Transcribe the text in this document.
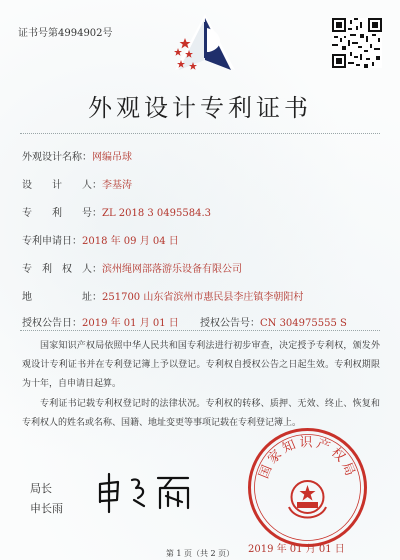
证书号第4994902号
外观设计专利证书
外观设计名称：网编吊球
设　　计　　人：李基涛
专　　利　　号：ZL 2018 3 0495584.3
专利申请日：2018 年 09 月 04 日
专　利　权　人：滨州绳网部落游乐设备有限公司
地　　　　　址：251700 山东省滨州市惠民县李庄镇李朝阳村
授权公告日：2019 年 01 月 01 日 授权公告号：CN 304975555 S
国家知识产权局依照中华人民共和国专利法进行初步审查，决定授予专利权，颁发外观设计专利证书并在专利登记簿上予以登记。专利权自授权公告之日起生效。专利权期限为十年，自申请日起算。
专利证书记载专利权登记时的法律状况。专利权的转移、质押、无效、终止、恢复和专利权人的姓名或名称、国籍、地址变更等事项记载在专利登记簿上。
局长
申长雨
国家知识产权局
2019 年 01 月 01 日
第 1 页（共 2 页）
